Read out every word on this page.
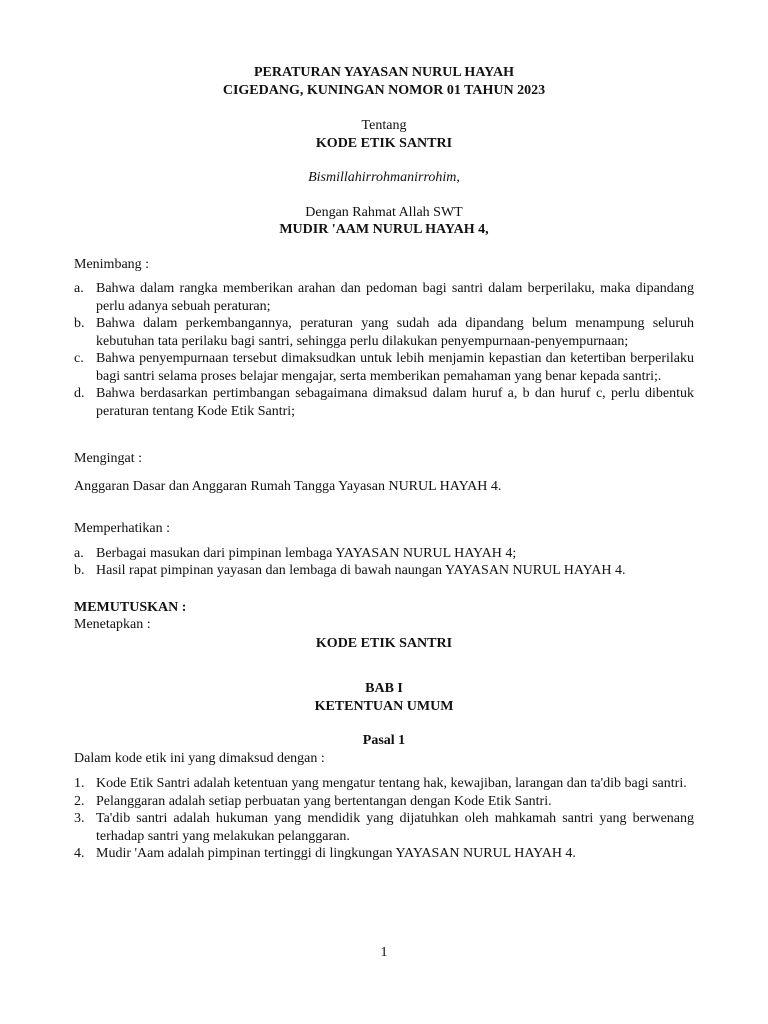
PERATURAN YAYASAN NURUL HAYAH
CIGEDANG, KUNINGAN NOMOR 01 TAHUN 2023
Tentang
KODE ETIK SANTRI
Bismillahirrohmanirrohim,
Dengan Rahmat Allah SWT
MUDIR 'AAM NURUL HAYAH 4,
Menimbang :
a. Bahwa dalam rangka memberikan arahan dan pedoman bagi santri dalam berperilaku, maka dipandang perlu adanya sebuah peraturan;
b. Bahwa dalam perkembangannya, peraturan yang sudah ada dipandang belum menampung seluruh kebutuhan tata perilaku bagi santri, sehingga perlu dilakukan penyempurnaan-penyempurnaan;
c. Bahwa penyempurnaan tersebut dimaksudkan untuk lebih menjamin kepastian dan ketertiban berperilaku bagi santri selama proses belajar mengajar, serta memberikan pemahaman yang benar kepada santri;.
d. Bahwa berdasarkan pertimbangan sebagaimana dimaksud dalam huruf a, b dan huruf c, perlu dibentuk peraturan tentang Kode Etik Santri;
Mengingat :
Anggaran Dasar dan Anggaran Rumah Tangga Yayasan NURUL HAYAH 4.
Memperhatikan :
a. Berbagai masukan dari pimpinan lembaga YAYASAN NURUL HAYAH 4;
b. Hasil rapat pimpinan yayasan dan lembaga di bawah naungan YAYASAN NURUL HAYAH 4.
MEMUTUSKAN :
Menetapkan :
KODE ETIK SANTRI
BAB I
KETENTUAN UMUM
Pasal 1
Dalam kode etik ini yang dimaksud dengan :
1. Kode Etik Santri adalah ketentuan yang mengatur tentang hak, kewajiban, larangan dan ta'dib bagi santri.
2. Pelanggaran adalah setiap perbuatan yang bertentangan dengan Kode Etik Santri.
3. Ta'dib santri adalah hukuman yang mendidik yang dijatuhkan oleh mahkamah santri yang berwenang terhadap santri yang melakukan pelanggaran.
4. Mudir 'Aam adalah pimpinan tertinggi di lingkungan YAYASAN NURUL HAYAH 4.
1
